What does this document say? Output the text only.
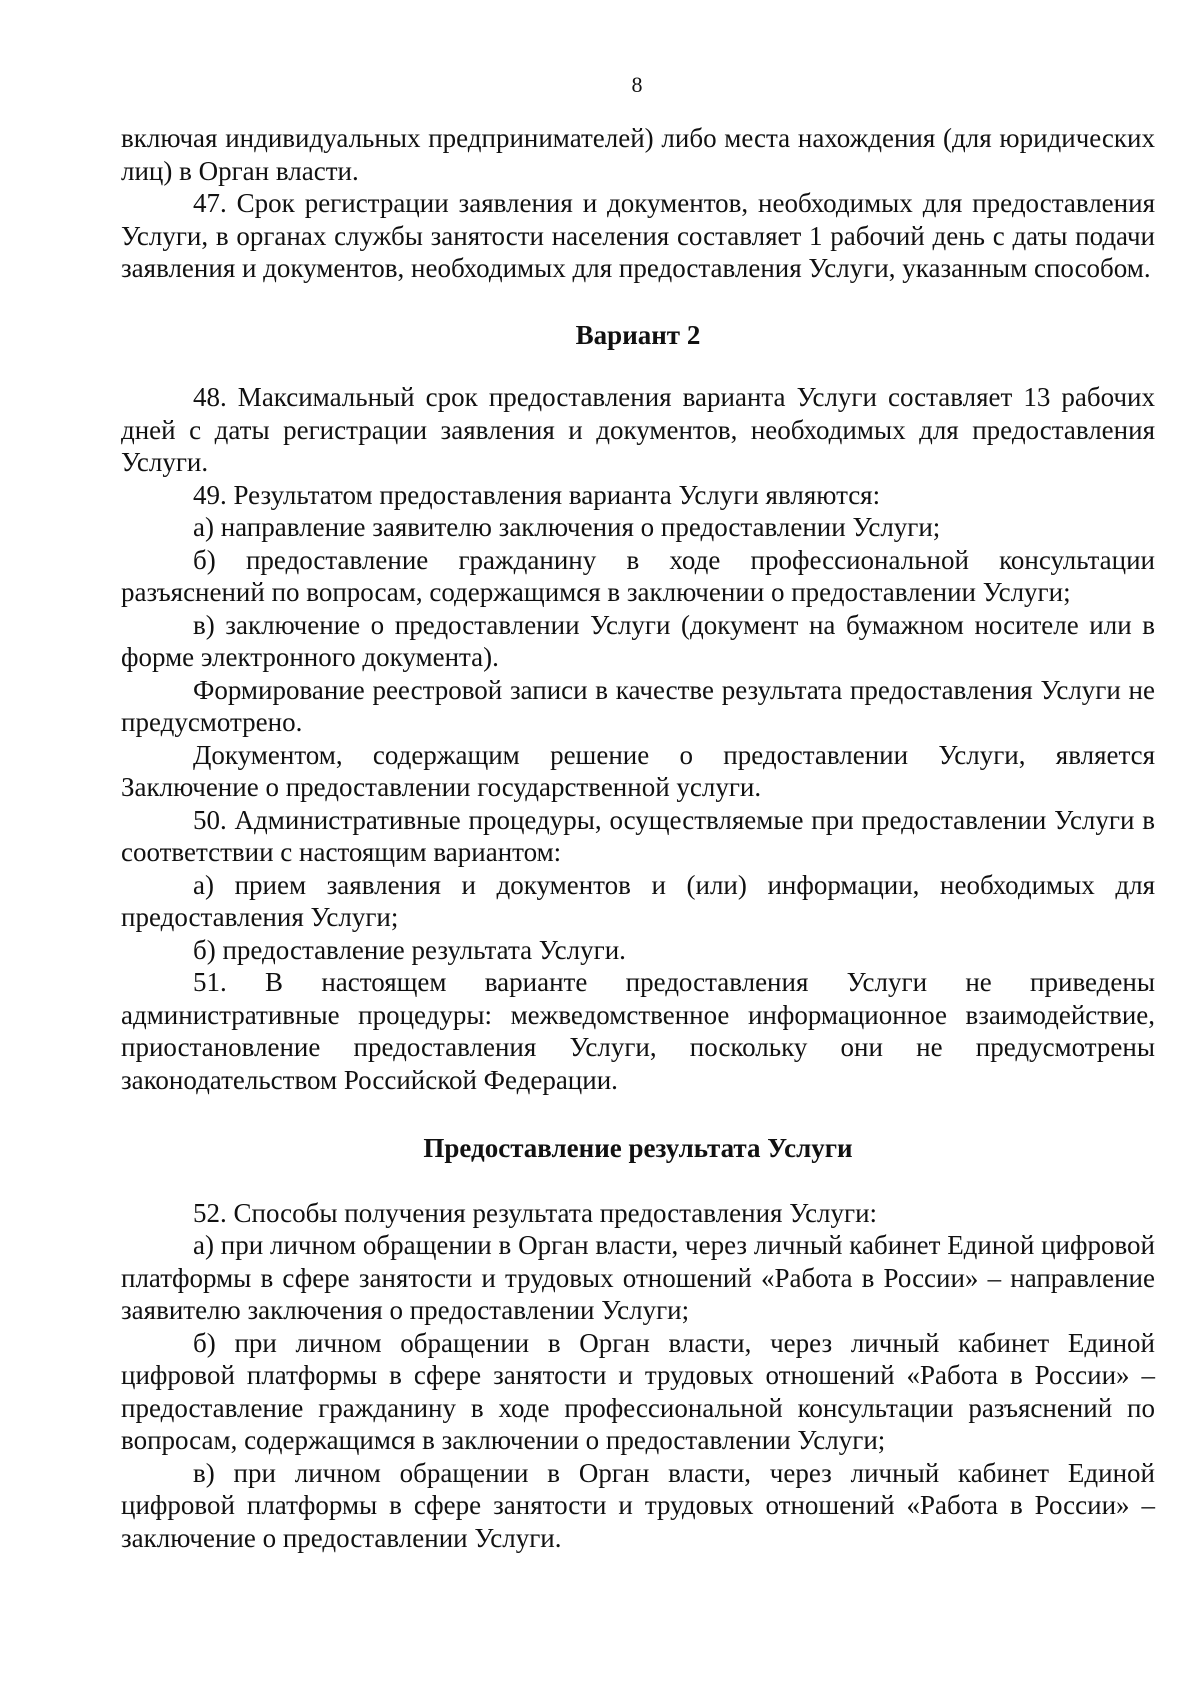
8

включая индивидуальных предпринимателей) либо места нахождения (для юридических лиц) в Орган власти.

47. Срок регистрации заявления и документов, необходимых для предоставления Услуги, в органах службы занятости населения составляет 1 рабочий день с даты подачи заявления и документов, необходимых для предоставления Услуги, указанным способом.

Вариант 2

48. Максимальный срок предоставления варианта Услуги составляет 13 рабочих дней с даты регистрации заявления и документов, необходимых для предоставления Услуги.

49. Результатом предоставления варианта Услуги являются:

а) направление заявителю заключения о предоставлении Услуги;

б) предоставление гражданину в ходе профессиональной консультации разъяснений по вопросам, содержащимся в заключении о предоставлении Услуги;

в) заключение о предоставлении Услуги (документ на бумажном носителе или в форме электронного документа).

Формирование реестровой записи в качестве результата предоставления Услуги не предусмотрено.

Документом, содержащим решение о предоставлении Услуги, является Заключение о предоставлении государственной услуги.

50. Административные процедуры, осуществляемые при предоставлении Услуги в соответствии с настоящим вариантом:

а) прием заявления и документов и (или) информации, необходимых для предоставления Услуги;

б) предоставление результата Услуги.

51. В настоящем варианте предоставления Услуги не приведены административные процедуры: межведомственное информационное взаимодействие, приостановление предоставления Услуги, поскольку они не предусмотрены законодательством Российской Федерации.

Предоставление результата Услуги

52. Способы получения результата предоставления Услуги:

а) при личном обращении в Орган власти, через личный кабинет Единой цифровой платформы в сфере занятости и трудовых отношений «Работа в России» – направление заявителю заключения о предоставлении Услуги;

б) при личном обращении в Орган власти, через личный кабинет Единой цифровой платформы в сфере занятости и трудовых отношений «Работа в России» – предоставление гражданину в ходе профессиональной консультации разъяснений по вопросам, содержащимся в заключении о предоставлении Услуги;

в) при личном обращении в Орган власти, через личный кабинет Единой цифровой платформы в сфере занятости и трудовых отношений «Работа в России» – заключение о предоставлении Услуги.
